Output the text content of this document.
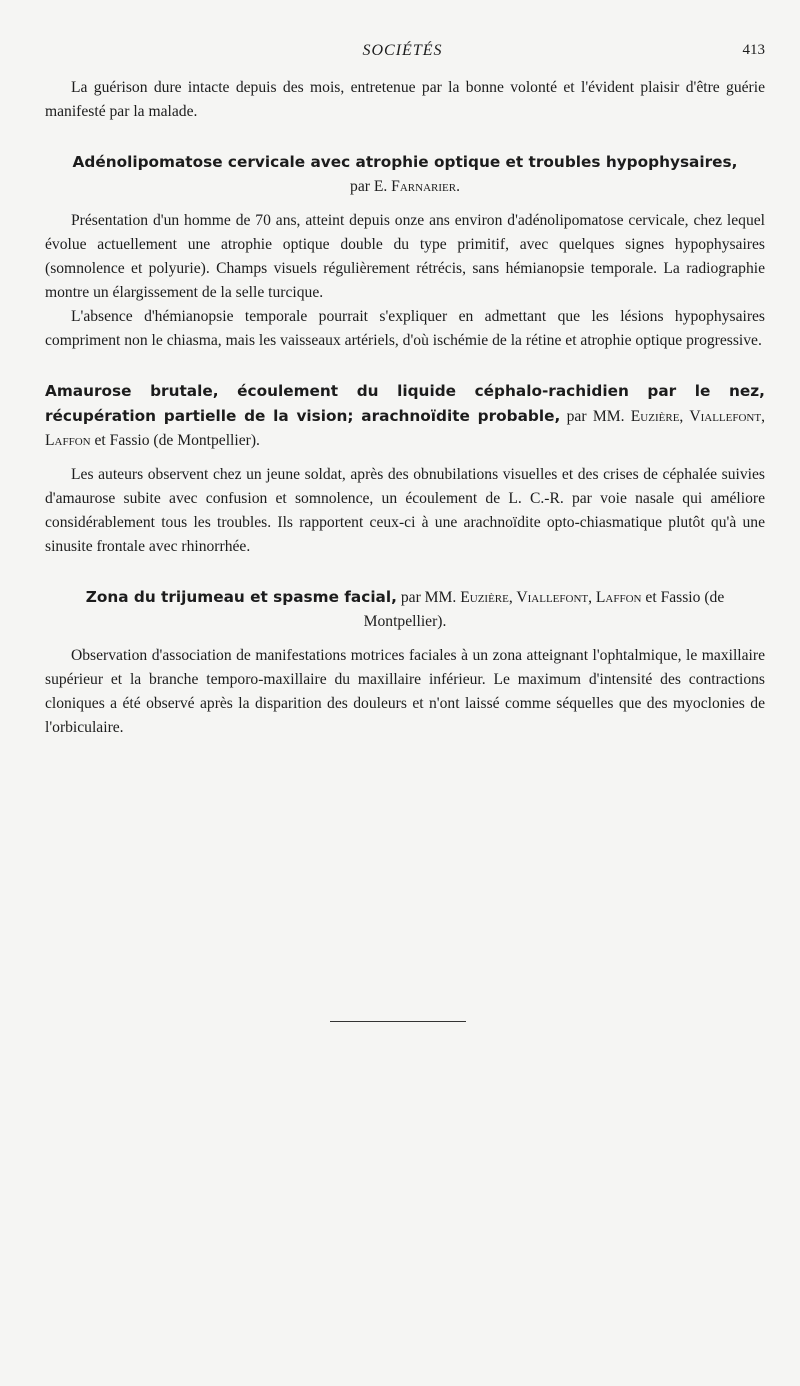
SOCIÉTÉS	413

La guérison dure intacte depuis des mois, entretenue par la bonne volonté et l'évident plaisir d'être guérie manifesté par la malade.

Adénolipomatose cervicale avec atrophie optique et troubles hypophysaires,
par E. Farnarier.

Présentation d'un homme de 70 ans, atteint depuis onze ans environ d'adénolipomatose cervicale, chez lequel évolue actuellement une atrophie optique double du type primitif, avec quelques signes hypophysaires (somnolence et polyurie). Champs visuels régulièrement rétrécis, sans hémianopsie temporale. La radiographie montre un élargissement de la selle turcique.

L'absence d'hémianopsie temporale pourrait s'expliquer en admettant que les lésions hypophysaires compriment non le chiasma, mais les vaisseaux artériels, d'où ischémie de la rétine et atrophie optique progressive.

Amaurose brutale, écoulement du liquide céphalo-rachidien par le nez, récupération partielle de la vision; arachnoïdite probable, par MM. Euzière, Viallefont, Laffon et Fassio (de Montpellier).

Les auteurs observent chez un jeune soldat, après des obnubilations visuelles et des crises de céphalée suivies d'amaurose subite avec confusion et somnolence, un écoulement de L. C.-R. par voie nasale qui améliore considérablement tous les troubles. Ils rapportent ceux-ci à une arachnoïdite opto-chiasmatique plutôt qu'à une sinusite frontale avec rhinorrhée.

Zona du trijumeau et spasme facial, par MM. Euzière, Viallefont, Laffon et Fassio (de Montpellier).

Observation d'association de manifestations motrices faciales à un zona atteignant l'ophtalmique, le maxillaire supérieur et la branche temporo-maxillaire du maxillaire inférieur. Le maximum d'intensité des contractions cloniques a été observé après la disparition des douleurs et n'ont laissé comme séquelles que des myoclonies de l'orbiculaire.
